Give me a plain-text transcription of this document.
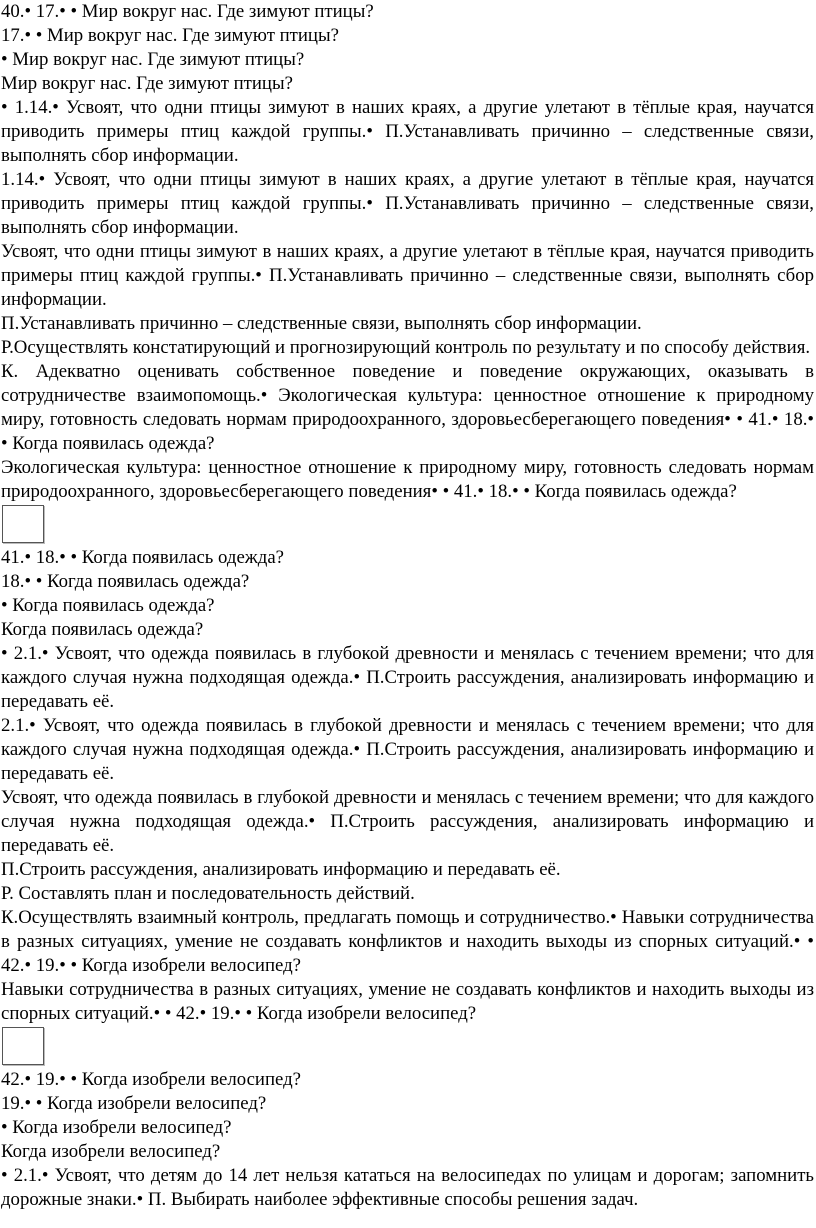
40.• 17.• • Мир вокруг нас. Где зимуют птицы?

17.• • Мир вокруг нас. Где зимуют птицы?

• Мир вокруг нас. Где зимуют птицы?

Мир вокруг нас. Где зимуют птицы?

• 1.14.• Усвоят, что одни птицы зимуют в наших краях, а другие улетают в тёплые края, научатся приводить примеры птиц каждой группы.• П.Устанавливать причинно – следственные связи, выполнять сбор информации.

1.14.• Усвоят, что одни птицы зимуют в наших краях, а другие улетают в тёплые края, научатся приводить примеры птиц каждой группы.• П.Устанавливать причинно – следственные связи, выполнять сбор информации.

Усвоят, что одни птицы зимуют в наших краях, а другие улетают в тёплые края, научатся приводить примеры птиц каждой группы.• П.Устанавливать причинно – следственные связи, выполнять сбор информации.

П.Устанавливать причинно – следственные связи, выполнять сбор информации.

Р.Осуществлять констатирующий и прогнозирующий контроль по результату и по способу действия.

К. Адекватно оценивать собственное поведение и поведение окружающих, оказывать в сотрудничестве взаимопомощь.• Экологическая культура: ценностное отношение к природному миру, готовность следовать нормам природоохранного, здоровьесберегающего поведения• • 41.• 18.• • Когда появилась одежда?

Экологическая культура: ценностное отношение к природному миру, готовность следовать нормам природоохранного, здоровьесберегающего поведения• • 41.• 18.• • Когда появилась одежда?

41.• 18.• • Когда появилась одежда?

18.• • Когда появилась одежда?

• Когда появилась одежда?

Когда появилась одежда?

• 2.1.• Усвоят, что одежда появилась в глубокой древности и менялась с течением времени; что для каждого случая нужна подходящая одежда.• П.Строить рассуждения, анализировать информацию и передавать её.

2.1.• Усвоят, что одежда появилась в глубокой древности и менялась с течением времени; что для каждого случая нужна подходящая одежда.• П.Строить рассуждения, анализировать информацию и передавать её.

Усвоят, что одежда появилась в глубокой древности и менялась с течением времени; что для каждого случая нужна подходящая одежда.• П.Строить рассуждения, анализировать информацию и передавать её.

П.Строить рассуждения, анализировать информацию и передавать её.

Р. Составлять план и последовательность действий.

К.Осуществлять взаимный контроль, предлагать помощь и сотрудничество.• Навыки сотрудничества в разных ситуациях, умение не создавать конфликтов и находить выходы из спорных ситуаций.• • 42.• 19.• • Когда изобрели велосипед?

Навыки сотрудничества в разных ситуациях, умение не создавать конфликтов и находить выходы из спорных ситуаций.• • 42.• 19.• • Когда изобрели велосипед?

42.• 19.• • Когда изобрели велосипед?

19.• • Когда изобрели велосипед?

• Когда изобрели велосипед?

Когда изобрели велосипед?

• 2.1.• Усвоят, что детям до 14 лет нельзя кататься на велосипедах по улицам и дорогам; запомнить дорожные знаки.• П. Выбирать наиболее эффективные способы решения задач.
